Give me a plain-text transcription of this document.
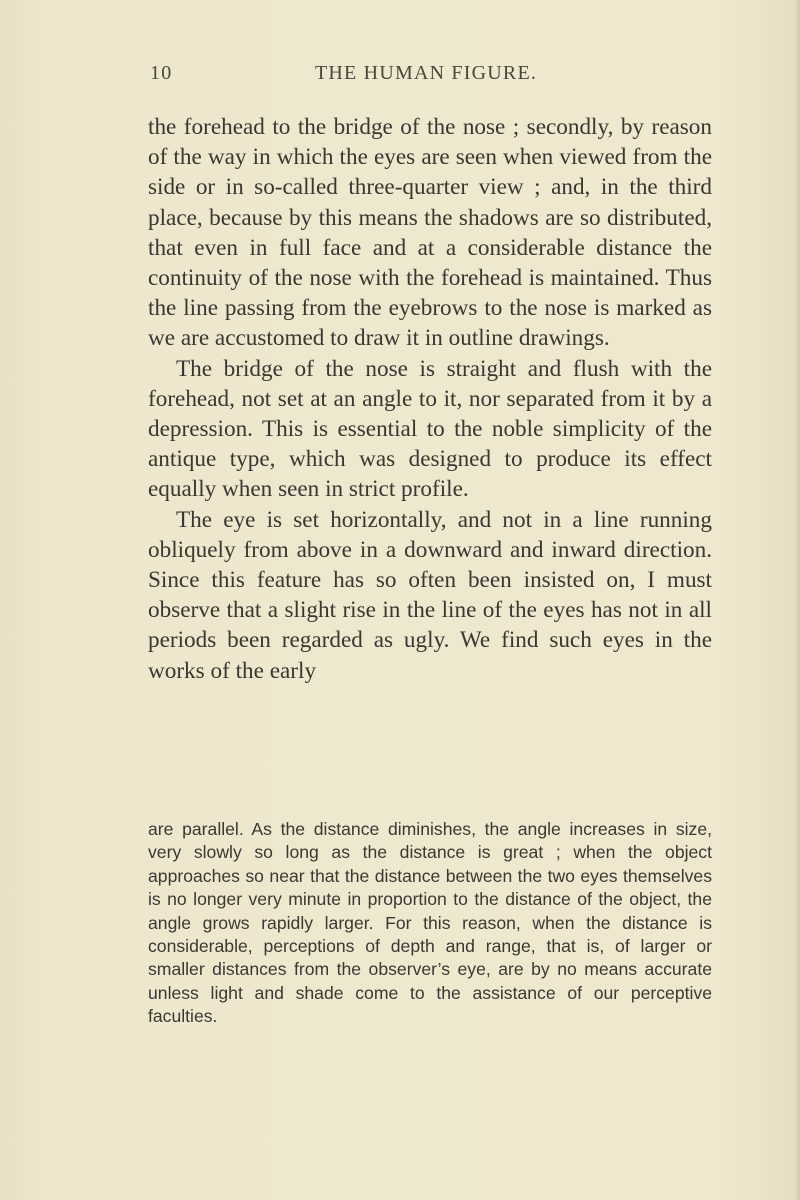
10	THE HUMAN FIGURE.

the forehead to the bridge of the nose ; secondly, by reason of the way in which the eyes are seen when viewed from the side or in so-called three-quarter view ; and, in the third place, because by this means the shadows are so distributed, that even in full face and at a considerable distance the continuity of the nose with the forehead is maintained. Thus the line passing from the eyebrows to the nose is marked as we are accustomed to draw it in outline drawings.

The bridge of the nose is straight and flush with the forehead, not set at an angle to it, nor separated from it by a depression. This is essential to the noble simplicity of the antique type, which was designed to produce its effect equally when seen in strict profile.

The eye is set horizontally, and not in a line running obliquely from above in a downward and inward direction. Since this feature has so often been insisted on, I must observe that a slight rise in the line of the eyes has not in all periods been regarded as ugly. We find such eyes in the works of the early

are parallel. As the distance diminishes, the angle increases in size, very slowly so long as the distance is great ; when the object approaches so near that the distance between the two eyes themselves is no longer very minute in proportion to the distance of the object, the angle grows rapidly larger. For this reason, when the distance is considerable, perceptions of depth and range, that is, of larger or smaller distances from the observer’s eye, are by no means accurate unless light and shade come to the assistance of our perceptive faculties.
